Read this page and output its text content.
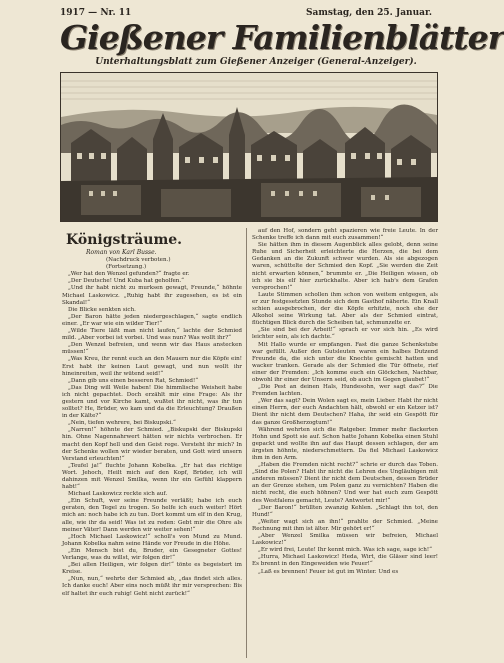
1917 — Nr. 11	Samstag, den 25. Januar.
Gießener Familienblätter
Unterhaltungsblatt zum Gießener Anzeiger (General-Anzeiger).
Königsträume.
Roman von Karl Busse.
(Nachdruck verboten.)
(Fortsetzung.)

„Wer hat den Wenzel gefunden?“ fragte er.

„Der Deutsche! Und Kuba hat geholfen.“

„Und ihr habt nicht zu murksen gewagt, Freunde,“ höhnte Michael Laskowicz. „Ruhig habt ihr zugesehen, es ist ein Skandal!“

Die Blicke senkten sich.

„Der Baron hätte jeden niedergeschlagen,“ sagte endlich einer. „Er war wie ein wilder Tier!“

„Wilde Tiere läßt man nicht laufen,“ lachte der Schmied mild. „Aber vorbei ist vorbei. Und was nun? Was wollt ihr?“

„Den Wenzel befreien, und wenn wir das Haus anstecken müssen!“

„Was Kreu, ihr rennt euch an den Mauern nur die Köpfe ein! Erst habt ihr keinen Laut gewagt, und nun wollt ihr hineinreiten, weil ihr wütend seid!“

„Dann gib uns einen besseren Rat, Schmied!“

„Das Ding will Weile haben! Die himmlische Weisheit habe ich nicht gepachtet. Doch erzählt mir eine Frage: Als ihr gestern und vor Kirche kamt, wußtet ihr nicht, was ihr tun solltet? He, Brüder, wo kam und da die Erleuchtung? Draußen in der Kälte?“

„Nein, tiefen wehrere, bei Biskupski.“

„Narren!“ höhnte der Schmied. „Biskupski der Biskupski hin. Ohne Nagennahrwert hätten wir nichts verbrochen. Er macht den Kopf hell und den Geist rege. Versteht ihr mich? In der Schenke wollen wir wieder beraten, und Gott wird unsern Verstand erleuchten!“

„Teufel ja!“ fluchte Johann Kobelka. „Er hat das richtige Wort. Jehoch, Heilt mich auf den Kopf, Brüder, ich will dahinzen mit Wenzel Smilka, wenn ihr ein Gefühl klappern habt!“

Michael Laskowicz reckte sich auf.

„Ein Schuft, wer seine Freunde verläßt; habe ich euch geraten, den Tegel zu trogen. So helfe ich euch weiter! Hört mich an: noch habe ich zu tun. Dort kommt um elf in den Krug, alle, wie ihr da seid! Was ist zu reden: Gebt mir die Ohre als meiner Väter! Dann werden wir weiter sehen!“

„Hoch Michael Laskowicz!“ scholl's von Mund zu Mund. Johann Kobelka nahm seine Hände vor Freude in die Höhe.

„Ein Mensch bist du, Bruder, ein Gesegneter Gottes! Verlange, was du willst, wir folgen dir!“

„Bei allen Heiligen, wir folgen dir!“ tönte es begeistert im Kreise.

„Nun, nun,“ wehrte der Schmied ab, „das findet sich alles. Ich danke euch! Aber eins noch müßt ihr mir versprechen: Bis elf haltet ihr euch ruhig! Geht nicht zurück!“

auf den Hof, sondern geht spazieren wie freie Leute. In der Schenke treffe ich dann mit euch zusammen!“

Sie hätten ihm in diesem Augenblick alles gelobt, denn seine Ruhe und Sicherheit erleichterte die Herzen, die bei dem Gedanken an die Zukunft schwer wurden. Als sie abgezogen waren, schüttelte der Schmied den Kopf. „Sie werden die Zeit nicht erwarten können,“ brummte er. „Die Heiligen wissen, ob ich sie bis elf hier zurückhalte. Aber ich hab's dem Grafen versprochen!“

Laute Stimmen schollen ihm schon von weitem entgegen, als er zur festgesetzten Stunde sich dem Gasthof näherte. Ein Knall schien ausgebrochen, der die Köpfe erhitzte, noch ehe der Alkohol seine Wirkung tat. Aber als der Schmied eintrat, flüchtigen Blick durch die Scheiben tat, schmunzelte er.

„Sie sind bei der Arbeit!“ sprach er vor sich hin. „Es wird leichter sein, als ich dachte.“

Mit Hallo wurde er empfangen. Fast die ganze Schenkstube war gefüllt. Außer den Gutsleuten waren ein halbes Dutzend Freunde da, die sich unter die Knechte gemischt hatten und wacker tranken. Gerade als der Schmied die Tür öffnete, rief einer der Fremden: „Ich komme euch ein Glöckchen, Nachbar, obwohl ihr einer der Unsern seid, ob auch im Gegen glaubet!“

„Die Pest an deinen Hals, Hundesohn, wer sagt das?“ Die Fremden lachten.

„Wer das sagt? Dein Wolen sagt es, mein Lieber. Habt ihr nicht einen Herrn, der euch Andachten hält, obwohl er ein Ketzer ist? Dient ihr nicht dem Deutschen? Haha, ihr seid ein Gespött für das ganze Großherzogtum!“

Während wehrten sich die Ratgeber. Immer mehr flackerten Hohn und Spott sie auf. Schon hatte Johann Kobelka einen Stuhl gepackt und wollte ihn auf das Haupt dessen schlagen, der am ärgsten höhnte, niederschmettern. Da fiel Michael Laskowicz ihm in den Arm.

„Haben die Fremden nicht recht?“ schrie er durch das Toben. „Sind die Polen? Habt ihr nicht die Lehren des Ungläubigen mit anderen müssen? Dient ihr nicht dem Deutschen, dessen Brüder an der Grenze stehen, um Polen ganz zu vernichten? Haben die nicht recht, die euch höhnen? Und wer hat euch zum Gespött des Westfalens gemacht, Leute? Antwortet mir!“

„Der Baron!“ brüllten zwanzig Kehlen. „Schlagt ihn tot, den Hund!“

„Weiter wagt sich an ihn!“ prahlte der Schmied. „Meine Rechnung mit ihm ist älter. Mir gehört er!“

„Aber Wenzel Smilka müssen wir befreien, Michael Laskowicz!“

„Er wird frei, Leute! Ihr kennt mich. Was ich sage, sage ich!“

„Hurra, Michael Laskowicz! Heda, Wirt, die Gläser sind leer! Es brennt in den Eingeweiden wie Feuer!“

„Laß es brennen! Feuer ist gut im Winter. Und es
